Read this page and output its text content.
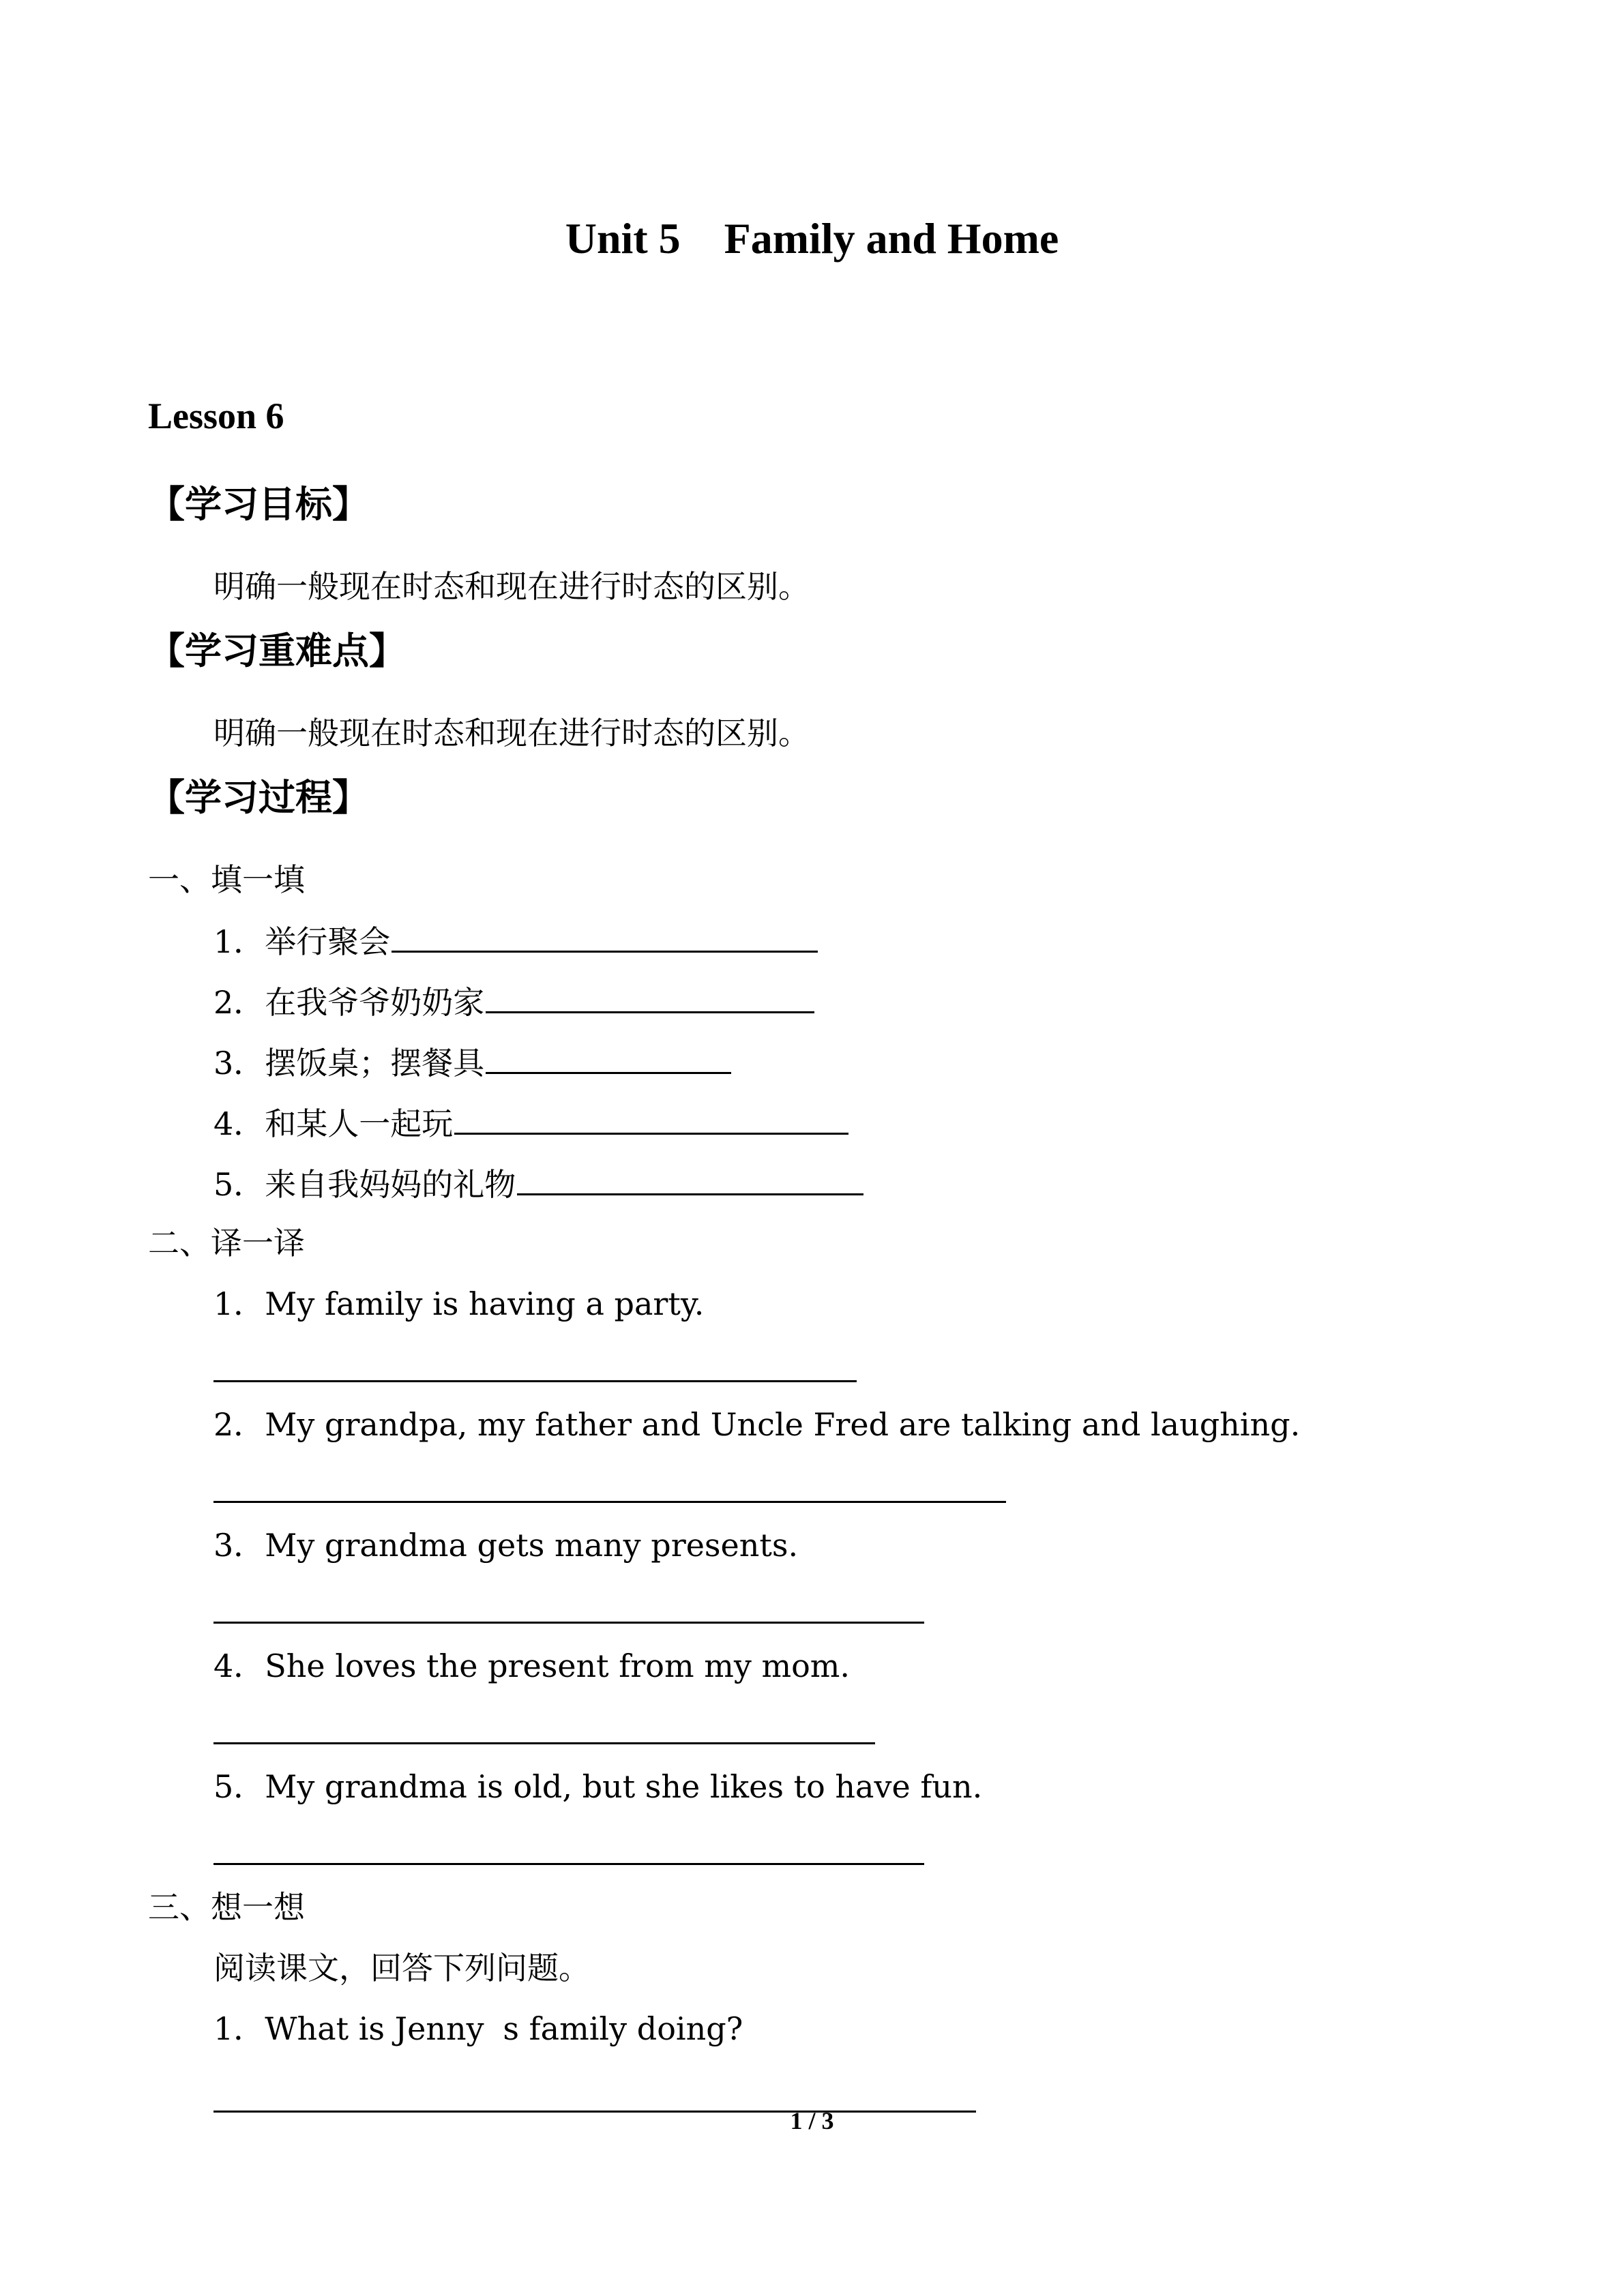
Unit 5 Family and Home
Lesson 6
【学习目标】
明确一般现在时态和现在进行时态的区别。
【学习重难点】
明确一般现在时态和现在进行时态的区别。
【学习过程】
一、填一填
1．举行聚会
2．在我爷爷奶奶家
3．摆饭桌；摆餐具
4．和某人一起玩
5．来自我妈妈的礼物
二、译一译
1．My family is having a party.
2．My grandpa, my father and Uncle Fred are talking and laughing.
3．My grandma gets many presents.
4．She loves the present from my mom.
5．My grandma is old, but she likes to have fun.
三、想一想
阅读课文，回答下列问题。
1．What is Jennys family doing?
1 / 3
